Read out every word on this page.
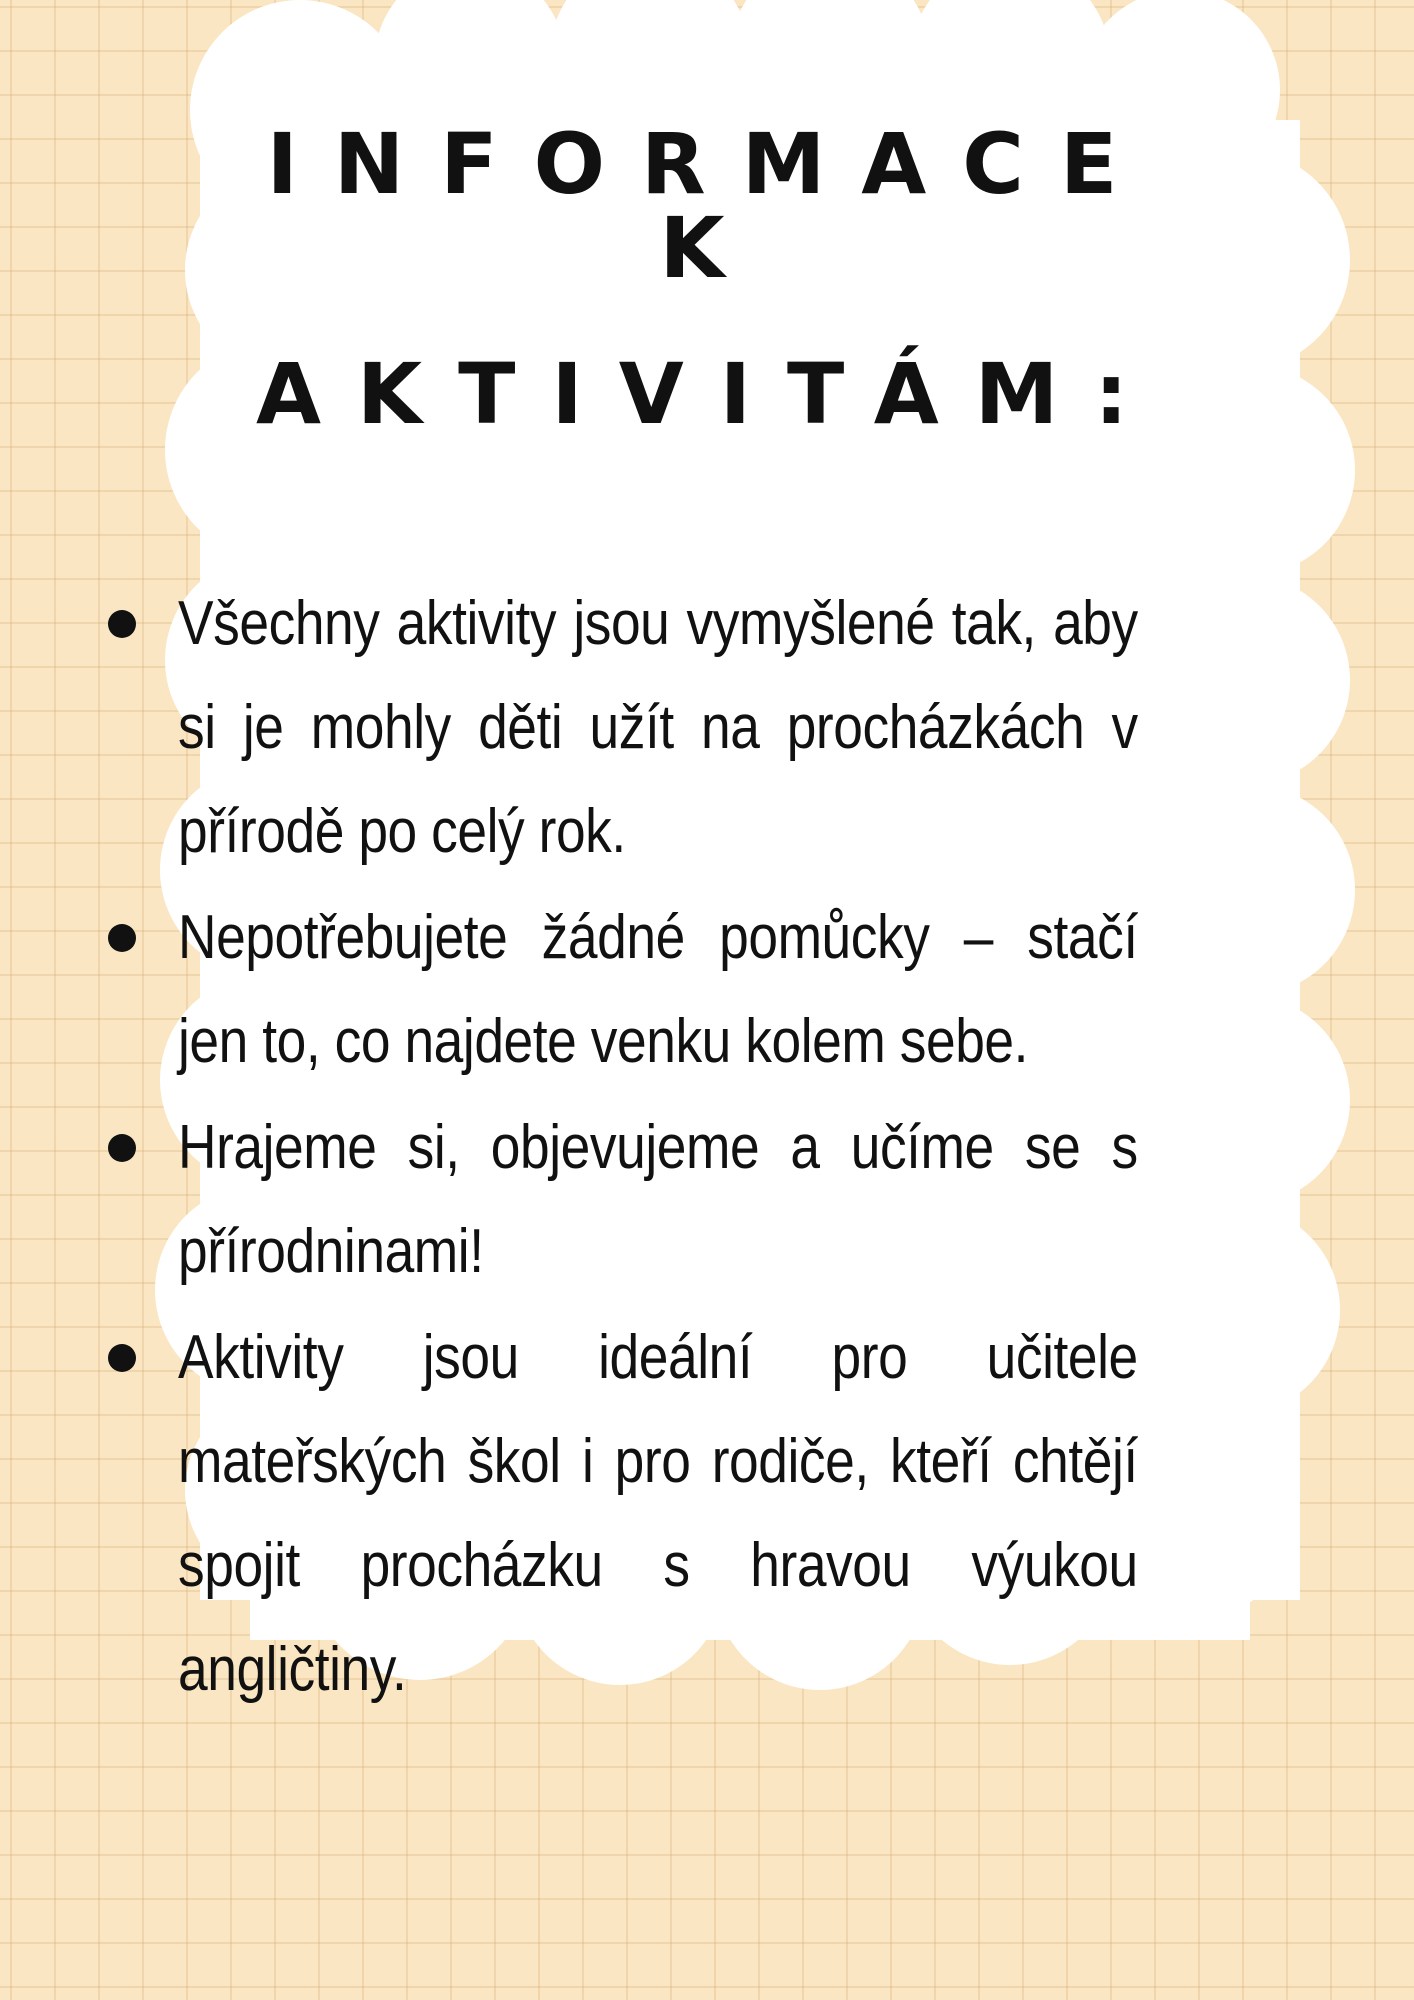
INFORMACE K
AKTIVITÁM:

Všechny aktivity jsou vymyšlené tak, aby si je mohly děti užít na procházkách v přírodě po celý rok.

Nepotřebujete žádné pomůcky – stačí jen to, co najdete venku kolem sebe.

Hrajeme si, objevujeme a učíme se s přírodninami!

Aktivity jsou ideální pro učitele mateřských škol i pro rodiče, kteří chtějí spojit procházku s hravou výukou angličtiny.
